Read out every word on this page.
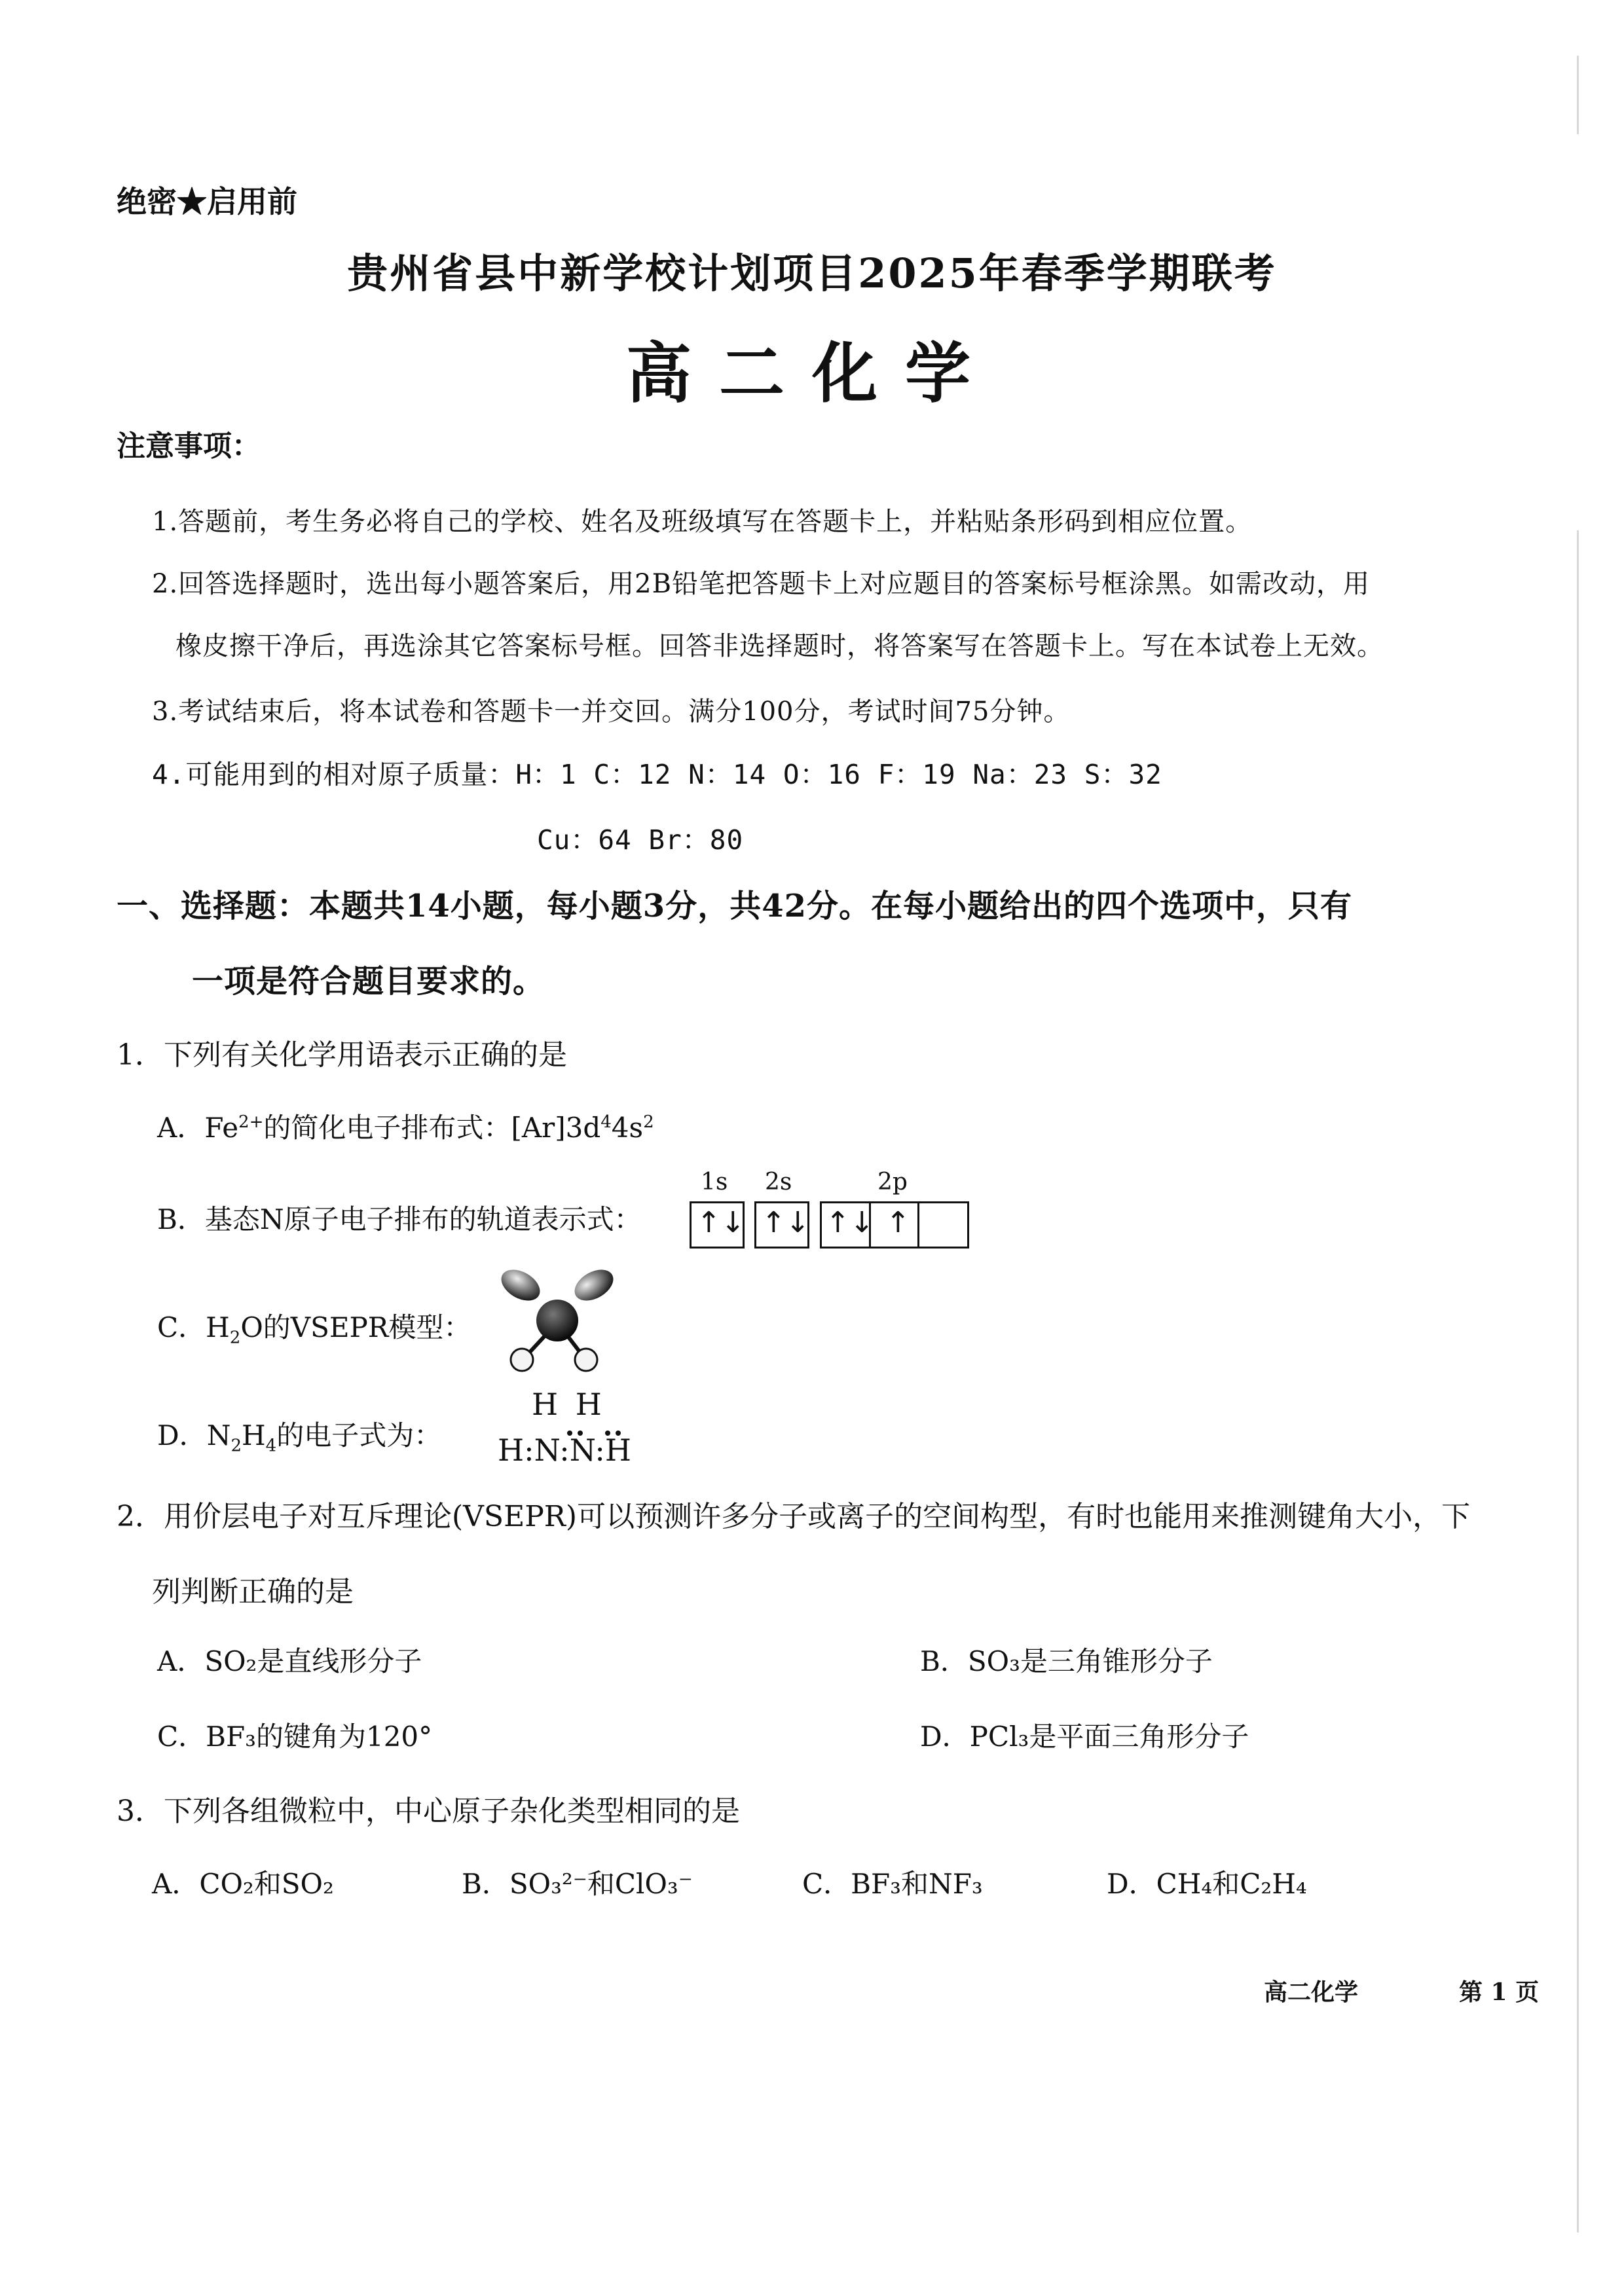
绝密★启用前
贵州省县中新学校计划项目2025年春季学期联考
高二化学
注意事项：
1.答题前，考生务必将自己的学校、姓名及班级填写在答题卡上，并粘贴条形码到相应位置。
2.回答选择题时，选出每小题答案后，用2B铅笔把答题卡上对应题目的答案标号框涂黑。如需改动，用
橡皮擦干净后，再选涂其它答案标号框。回答非选择题时，将答案写在答题卡上。写在本试卷上无效。
3.考试结束后，将本试卷和答题卡一并交回。满分100分，考试时间75分钟。
4.可能用到的相对原子质量：H：1 C：12 N：14 O：16 F：19 Na：23 S：32
Cu：64 Br：80
一、选择题：本题共14小题，每小题3分，共42分。在每小题给出的四个选项中，只有
一项是符合题目要求的。
1．下列有关化学用语表示正确的是
A．$Fe^{2+}$的简化电子排布式：$[Ar]3d^44s^2$
B．基态N原子电子排布的轨道表示式：
1s 2s	2p
↑↓ ↑↓ ↑↓ ↑
C．$H_2O$的VSEPR模型：
D．$N_2H_4$的电子式为：
H H
H:N:N:H
2．用价层电子对互斥理论(VSEPR)可以预测许多分子或离子的空间构型，有时也能用来推测键角大小，下
列判断正确的是
A．SO₂是直线形分子	B．SO₃是三角锥形分子
C．BF₃的键角为120°	D．PCl₃是平面三角形分子
3．下列各组微粒中，中心原子杂化类型相同的是
A．CO₂和SO₂	B．SO₃²⁻和ClO₃⁻	C．BF₃和NF₃	D．CH₄和C₂H₄
高二化学	第 1 页
